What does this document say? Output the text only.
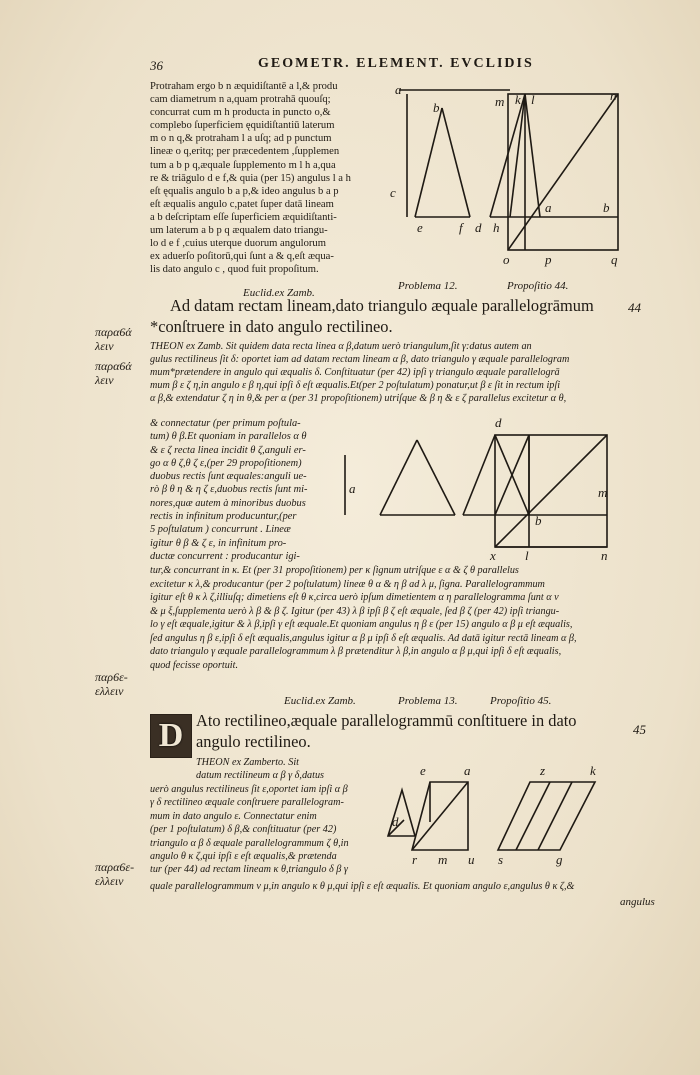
36	GEOMETR. ELEMENT. EVCLIDIS

Protraham ergo b n æquidiſtantē a l,& produ

cam diametrum n a,quam protrahā quouſq;

concurrat cum m h producta in puncto o,&

complebo ſuperficiem ęquidiſtantiū laterum

m o n q,& protraham l a uſq; ad p punctum

lineæ o q,eritq; per præcedentem ,ſupplemen

tum a b p q,æquale ſupplemento m l h a,qua

re & triāgulo d e f,& quia (per 15) angulus l a h

eſt ęqualis angulo b a p,& ideo angulus b a p

eſt æqualis angulo c,patet ſuper datā lineam

a b deſcriptam eſſe ſuperficiem æquidiſtanti-

um laterum a b p q æqualem dato triangu-

lo d e f ,cuius uterque duorum angulorum

ex aduerſo poſitorū,qui ſunt a & q,eſt æqua-

lis dato angulo c , quod fuit propoſitum.

a	n
b	m k l
c
e	f d h
a	b
o	p	q
Euclid.ex Zamb.
Problema 12.	Propoſitio 44.
Ad datam rectam lineam,dato triangulo æquale parallelogrāmum
*conſtruere in dato angulo rectilineo.
44
παρα6ά
λειν
παρα6ά
λειν
παρ6ε-
ελλειν
παρα6ε-
ελλειν

THEON ex Zamb. Sit quidem data recta linea α β,datum uerò triangulum,ſit γ:datus autem an

gulus rectilineus ſit δ: oportet iam ad datam rectam lineam α β, dato triangulo γ æquale parallelogram

mum*prætendere in angulo qui æqualis δ. Conſtituatur (per 42) ipſi γ triangulo æquale parallelogrā

mum β ε ζ η,in angulo ε β η,qui ipſi δ eſt æqualis.Et(per 2 poſtulatum) ponatur,ut β ε ſit in rectum ipſi

α β,& extendatur ζ η in θ,& per α (per 31 propoſitionem) utriſque & β η & ε ζ parallelus excitetur α θ,

& connectatur (per primum poſtula-

tum) θ β.Et quoniam in parallelos α θ

& ε ζ recta linea incidit θ ζ,anguli er-

go α θ ζ,θ ζ ε,(per 29 propoſitionem)

duobus rectis ſunt æquales:anguli ue-

rò β θ η & η ζ ε,duobus rectis ſunt mi-

nores,quæ autem à minoribus duobus

rectis in infinitum producuntur,(per

5 poſtulatum ) concurrunt . Lineæ

igitur θ β & ζ ε, in infinitum pro-

ductæ concurrent : producantur igi-

d
a
b
m
x l	n

tur,& concurrant in κ. Et (per 31 propoſitionem) per κ ſignum utriſque ε α & ζ θ parallelus

excitetur κ λ,& producantur (per 2 poſtulatum) lineæ θ α & η β ad λ μ, ſigna. Parallelogrammum

igitur eſt θ κ λ ζ,illiuſq; dimetiens eſt θ κ,circa uerò ipſum dimetientem α η parallelogramma ſunt α ν

& μ ξ,ſupplementa uerò λ β & β ζ. Igitur (per 43) λ β ipſi β ζ eſt æquale, ſed β ζ (per 42) ipſi triangu-

lo γ eſt æquale,igitur & λ β,ipſi γ eſt æquale.Et quoniam angulus η β ε (per 15) angulo α β μ eſt æqualis,

ſed angulus η β ε,ipſi δ eſt æqualis,angulus igitur α β μ ipſi δ eſt æqualis. Ad datā igitur rectā lineam α β,

dato triangulo γ æquale parallelogrammum λ β prætenditur λ β,in angulo α β μ,qui ipſi δ eſt æqualis,

quod fecisse oportuit.

Euclid.ex Zamb.	Problema 13.	Propoſitio 45.
D Ato rectilineo,æquale parallelogrammū conſtituere in dato
angulo rectilineo.
45

THEON ex Zamberto. Sit

datum rectilineum α β γ δ,datus

uerò angulus rectilineus ſit ε,oportet iam ipſi α β

γ δ rectilineo æquale conſtruere parallelogram-

mum in dato angulo ε. Connectatur enim

(per 1 poſtulatum) δ β,& conſtituatur (per 42)

triangulo α β δ æquale parallelogrammum ζ θ,in

angulo θ κ ζ,qui ipſi ε eſt æqualis,& prætenda

tur (per 44) ad rectam lineam κ θ,triangulo δ β γ

e	a	z	k
r m u s	g
d

quale parallelogrammum ν μ,in angulo κ θ μ,qui ipſi ε eſt æqualis. Et quoniam angulo ε,angulus θ κ ζ,&

angulus
